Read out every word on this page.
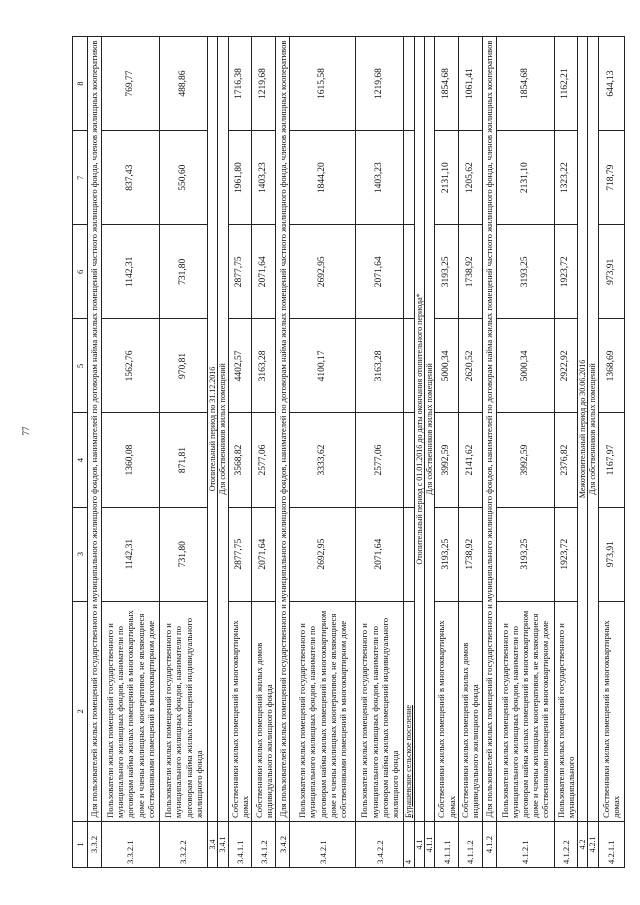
77
1	2	3	4	5	6	7	8
3.3.2	Для пользователей жилых помещений государственного и муниципального жилищного фондов, нанимателей по договорам найма жилых помещений частного жилищного фонда, членов жилищных кооперативов						
3.3.2.1	Пользователи жилых помещений государственного и муниципального жилищных фондов, наниматели по договорам найма жилых помещений в многоквартирных доме и члены жилищных кооперативов, не являющиеся собственниками помещений в многоквартирном доме	1142,31	1360,08	1562,76	1142,31	837,43	769,77
3.3.2.2	Пользователи жилых помещений государственного и муниципального жилищных фондов, наниматели по договорам найма жилых помещений индивидуального жилищного фонда	731,80	871,81	970,81	731,80	550,60	488,86
3.4	Отопительный период по 31.12.2016						
3.4.1	Для собственников жилых помещений						
3.4.1.1	Собственники жилых помещений в многоквартирных домах	2877,75	3568,82	4402,57	2877,75	1961,80	1716,38
3.4.1.2	Собственники жилых помещений жилых домов индивидуального жилищного фонда	2071,64	2577,06	3163,28	2071,64	1403,23	1219,68
3.4.2	Для пользователей жилых помещений государственного и муниципального жилищного фондов, нанимателей по договорам найма жилых помещений частного жилищного фонда, членов жилищных кооперативов						
3.4.2.1	Пользователи жилых помещений государственного и муниципального жилищных фондов, наниматели по договорам найма жилых помещений в многоквартирном доме и члены жилищных кооперативов, не являющиеся собственниками помещений в многоквартирном доме	2692,95	3333,62	4100,17	2692,95	1844,20	1615,58
3.4.2.2	Пользователи жилых помещений государственного и муниципального жилищных фондов, наниматели по договорам найма жилых помещений индивидуального жилищного фонда	2071,64	2577,06	3163,28	2071,64	1403,23	1219,68
4	Бурашевское сельское поселение						
4.1	Отопительный период с 01.01.2016 до даты окончания отопительного периода*						
4.1.1	Для собственников жилых помещений						
4.1.1.1	Собственники жилых помещений в многоквартирных домах	3193,25	3992,59	5000,34	3193,25	2131,10	1854,68
4.1.1.2	Собственники жилых помещений жилых домов индивидуального жилищного фонда	1738,92	2141,62	2620,52	1738,92	1205,62	1061,41
4.1.2	Для пользователей жилых помещений государственного и муниципального жилищного фондов, нанимателей по договорам найма жилых помещений частного жилищного фонда, членов жилищных кооперативов						
4.1.2.1	Пользователи жилых помещений государственного и муниципального жилищных фондов, наниматели по договорам найма жилых помещений в многоквартирном доме и члены жилищных кооперативов, не являющиеся собственниками помещений в многоквартирном доме	3193,25	3992,59	5000,34	3193,25	2131,10	1854,68
4.1.2.2	Пользователи жилых помещений государственного и муниципального	1923,72	2376,82	2922,92	1923,72	1323,22	1162,21
4.2	Межотопительный период до 30.06.2016						
4.2.1	Для собственников жилых помещений						
4.2.1.1	Собственники жилых помещений в многоквартирных домах	973,91	1167,97	1368,69	973,91	718,79	644,13
